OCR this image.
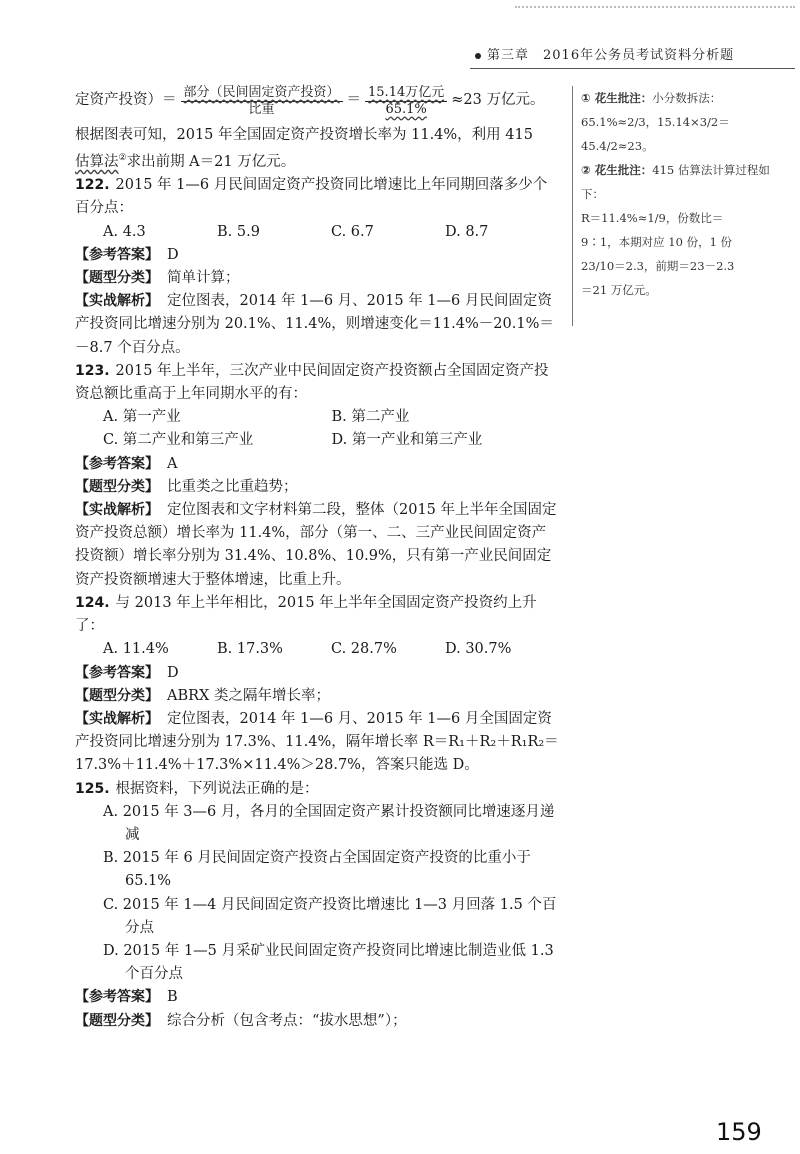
第三章　2016年公务员考试资料分析题
定资产投资）＝ $\frac{\text{部分（民间固定资产投资）}}{\text{比重}} = \frac{\text{15.14万亿元}}{65.1\%} \approx 23$ 万亿元。

根据图表可知，2015 年全国固定资产投资增长率为 11.4%，利用 415

估算法②求出前期 A＝21 万亿元。

122. 2015 年 1—6 月民间固定资产投资同比增速比上年同期回落多少个百分点：

A. 4.3	B. 5.9	C. 6.7	D. 8.7

【参考答案】 D

【题型分类】 简单计算；

【实战解析】 定位图表，2014 年 1—6 月、2015 年 1—6 月民间固定资产投资同比增速分别为 20.1%、11.4%，则增速变化＝11.4%－20.1%＝－8.7 个百分点。

123. 2015 年上半年，三次产业中民间固定资产投资额占全国固定资产投资总额比重高于上年同期水平的有：

A. 第一产业	B. 第二产业
C. 第二产业和第三产业	D. 第一产业和第三产业

【参考答案】 A

【题型分类】 比重类之比重趋势；

【实战解析】 定位图表和文字材料第二段，整体（2015 年上半年全国固定资产投资总额）增长率为 11.4%，部分（第一、二、三产业民间固定资产投资额）增长率分别为 31.4%、10.8%、10.9%，只有第一产业民间固定资产投资额增速大于整体增速，比重上升。

124. 与 2013 年上半年相比，2015 年上半年全国固定资产投资约上升了：

A. 11.4%	B. 17.3%	C. 28.7%	D. 30.7%

【参考答案】 D

【题型分类】 ABRX 类之隔年增长率；

【实战解析】 定位图表，2014 年 1—6 月、2015 年 1—6 月全国固定资产投资同比增速分别为 17.3%、11.4%，隔年增长率 R＝R₁＋R₂＋R₁R₂＝17.3%＋11.4%＋17.3%×11.4%＞28.7%，答案只能选 D。

125. 根据资料，下列说法正确的是：

A. 2015 年 3—6 月，各月的全国固定资产累计投资额同比增速逐月递减
B. 2015 年 6 月民间固定资产投资占全国固定资产投资的比重小于 65.1%
C. 2015 年 1—4 月民间固定资产投资比增速比 1—3 月回落 1.5 个百分点
D. 2015 年 1—5 月采矿业民间固定资产投资同比增速比制造业低 1.3 个百分点

【参考答案】 B

【题型分类】 综合分析（包含考点：“拔水思想”）；

① 花生批注：小分数拆法：

65.1%≈2/3，15.14×3/2＝

45.4/2≈23。

② 花生批注：415 估算法计算过程如下：

R＝11.4%≈1/9，份数比＝

9∶1，本期对应 10 份，1 份

23/10＝2.3，前期＝23－2.3

＝21 万亿元。

159
